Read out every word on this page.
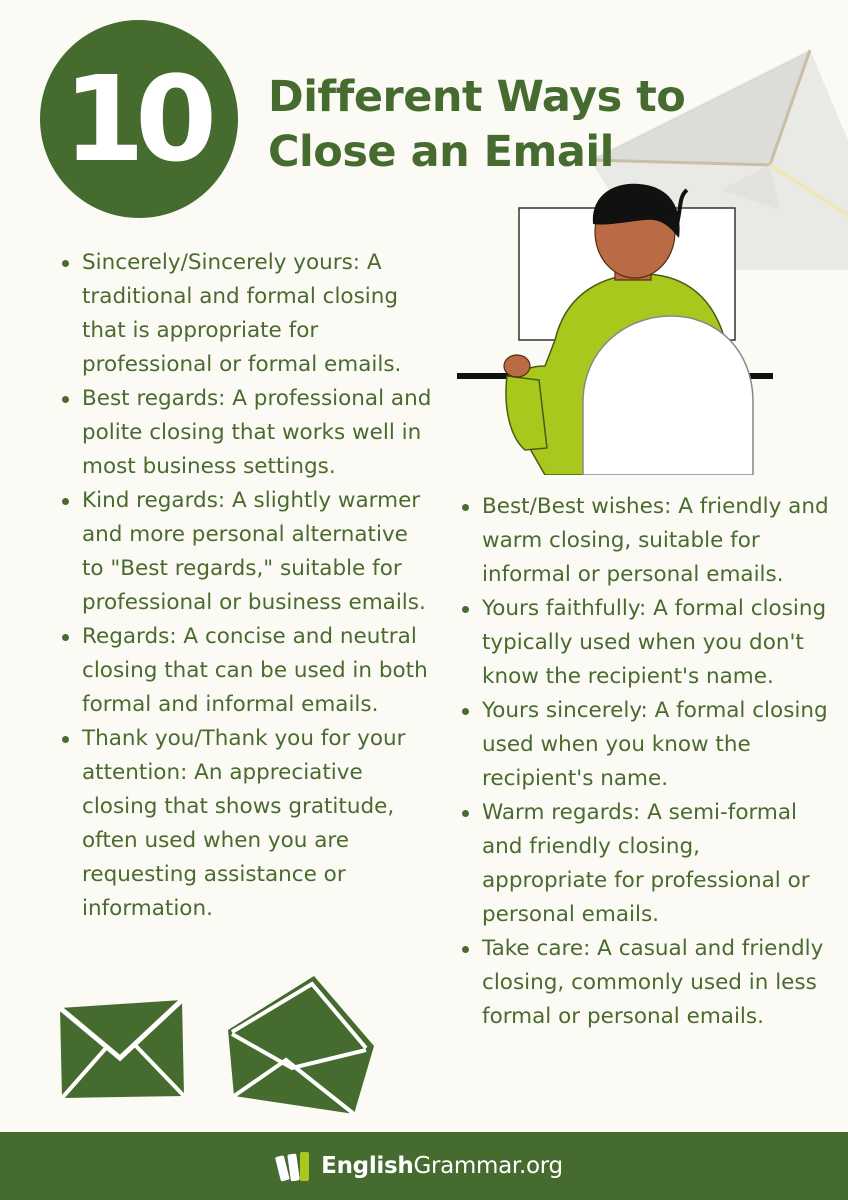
10 Different Ways to
Close an Email
Sincerely/Sincerely yours: A traditional and formal closing that is appropriate for professional or formal emails.
Best regards: A professional and polite closing that works well in most business settings.
Kind regards: A slightly warmer and more personal alternative to "Best regards," suitable for professional or business emails.
Regards: A concise and neutral closing that can be used in both formal and informal emails.
Thank you/Thank you for your attention: An appreciative closing that shows gratitude, often used when you are requesting assistance or information.
Best/Best wishes: A friendly and warm closing, suitable for informal or personal emails.
Yours faithfully: A formal closing typically used when you don't know the recipient's name.
Yours sincerely: A formal closing used when you know the recipient's name.
Warm regards: A semi-formal and friendly closing, appropriate for professional or personal emails.
Take care: A casual and friendly closing, commonly used in less formal or personal emails.
EnglishGrammar.org
